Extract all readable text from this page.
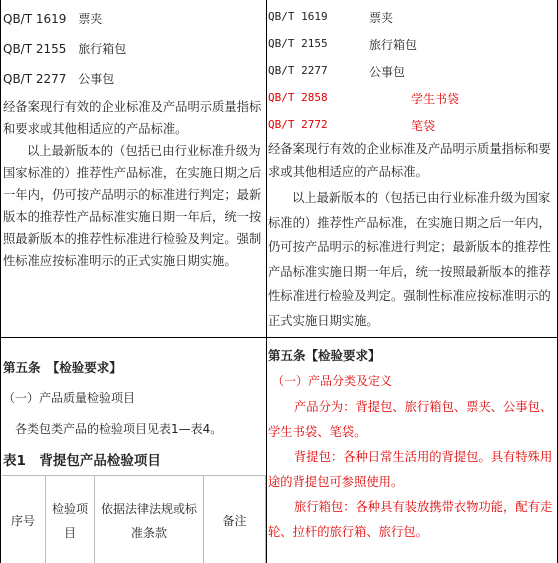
QB/T 1619 票夹
QB/T 2155 旅行箱包
QB/T 2277 公事包
经备案现行有效的企业标准及产品明示质量指标和要求或其他相适应的产品标准。
以上最新版本的（包括已由行业标准升级为国家标准的）推荐性产品标准，在实施日期之后一年内，仍可按产品明示的标准进行判定；最新版本的推荐性产品标准实施日期一年后，统一按照最新版本的推荐性标准进行检验及判定。强制性标准应按标准明示的正式实施日期实施。
QB/T 1619	票夹
QB/T 2155	旅行箱包
QB/T 2277	公事包
QB/T 2858	学生书袋
QB/T 2772	笔袋
经备案现行有效的企业标准及产品明示质量指标和要求或其他相适应的产品标准。
以上最新版本的（包括已由行业标准升级为国家标准的）推荐性产品标准，在实施日期之后一年内，仍可按产品明示的标准进行判定；最新版本的推荐性产品标准实施日期一年后，统一按照最新版本的推荐性标准进行检验及判定。强制性标准应按标准明示的正式实施日期实施。
第五条　【检验要求】
（一）产品质量检验项目
各类包类产品的检验项目见表1—表4。
表1　背提包产品检验项目
序号	检验项目	依据法律法规或标准条款	备注
第五条【检验要求】
（一）产品分类及定义
产品分为：背提包、旅行箱包、票夹、公事包、学生书袋、笔袋。
背提包：各种日常生活用的背提包。具有特殊用途的背提包可参照使用。
旅行箱包：各种具有装放携带衣物功能，配有走轮、拉杆的旅行箱、旅行包。
